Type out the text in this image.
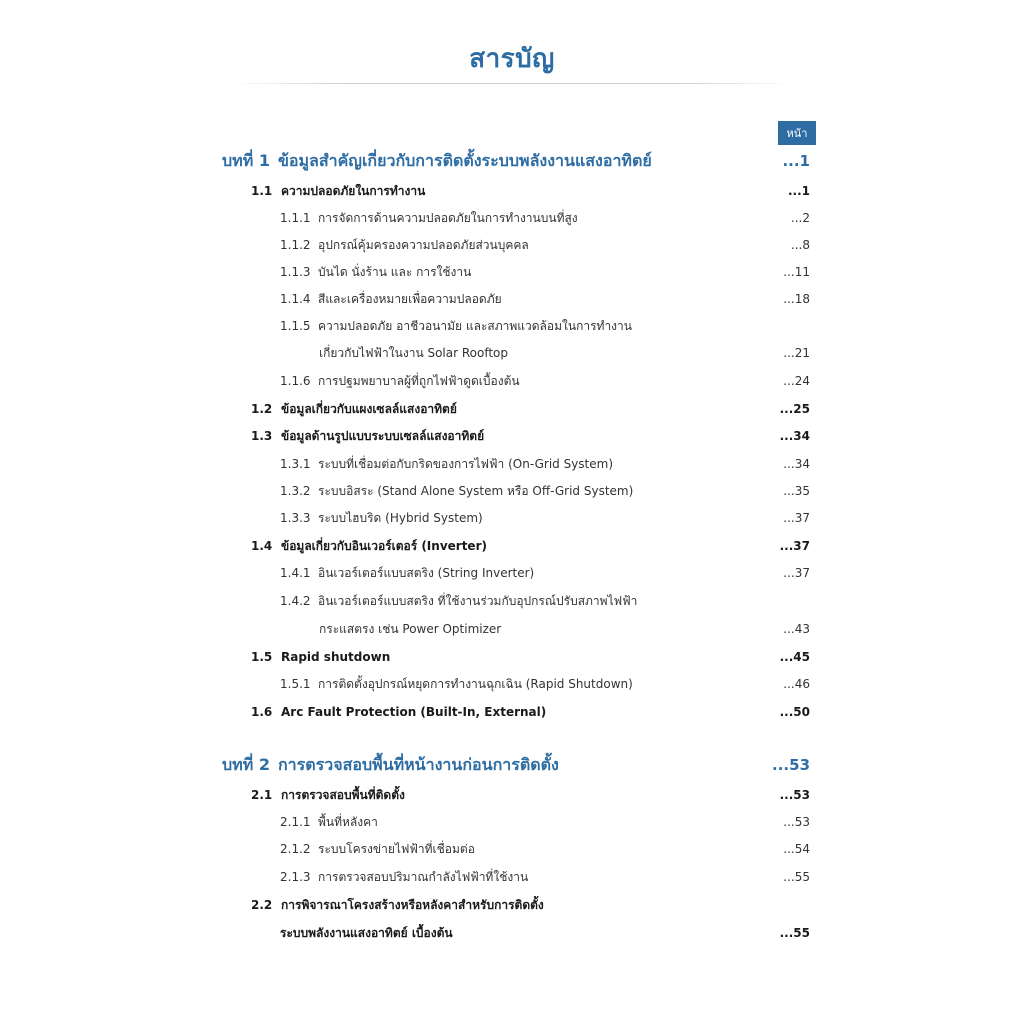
สารบัญ
หน้า
บทที่ 1 ข้อมูลสำคัญเกี่ยวกับการติดตั้งระบบพลังงานแสงอาทิตย์	...1
1.1 ความปลอดภัยในการทำงาน	...1
1.1.1 การจัดการด้านความปลอดภัยในการทำงานบนที่สูง	...2
1.1.2 อุปกรณ์คุ้มครองความปลอดภัยส่วนบุคคล	...8
1.1.3 บันได นั่งร้าน และ การใช้งาน	...11
1.1.4 สีและเครื่องหมายเพื่อความปลอดภัย	...18
1.1.5 ความปลอดภัย อาชีวอนามัย และสภาพแวดล้อมในการทำงาน
เกี่ยวกับไฟฟ้าในงาน Solar Rooftop	...21
1.1.6 การปฐมพยาบาลผู้ที่ถูกไฟฟ้าดูดเบื้องต้น	...24
1.2 ข้อมูลเกี่ยวกับแผงเซลล์แสงอาทิตย์	...25
1.3 ข้อมูลด้านรูปแบบระบบเซลล์แสงอาทิตย์	...34
1.3.1 ระบบที่เชื่อมต่อกับกริดของการไฟฟ้า (On-Grid System)	...34
1.3.2 ระบบอิสระ (Stand Alone System หรือ Off-Grid System)	...35
1.3.3 ระบบไฮบริด (Hybrid System)	...37
1.4 ข้อมูลเกี่ยวกับอินเวอร์เตอร์ (Inverter)	...37
1.4.1 อินเวอร์เตอร์แบบสตริง (String Inverter)	...37
1.4.2 อินเวอร์เตอร์แบบสตริง ที่ใช้งานร่วมกับอุปกรณ์ปรับสภาพไฟฟ้า
กระแสตรง เช่น Power Optimizer	...43
1.5 Rapid shutdown	...45
1.5.1 การติดตั้งอุปกรณ์หยุดการทำงานฉุกเฉิน (Rapid Shutdown)	...46
1.6 Arc Fault Protection (Built-In, External)	...50
บทที่ 2 การตรวจสอบพื้นที่หน้างานก่อนการติดตั้ง	...53
2.1 การตรวจสอบพื้นที่ติดตั้ง	...53
2.1.1 พื้นที่หลังคา	...53
2.1.2 ระบบโครงข่ายไฟฟ้าที่เชื่อมต่อ	...54
2.1.3 การตรวจสอบปริมาณกำลังไฟฟ้าที่ใช้งาน	...55
2.2 การพิจารณาโครงสร้างหรือหลังคาสำหรับการติดตั้ง
ระบบพลังงานแสงอาทิตย์ เบื้องต้น	...55
